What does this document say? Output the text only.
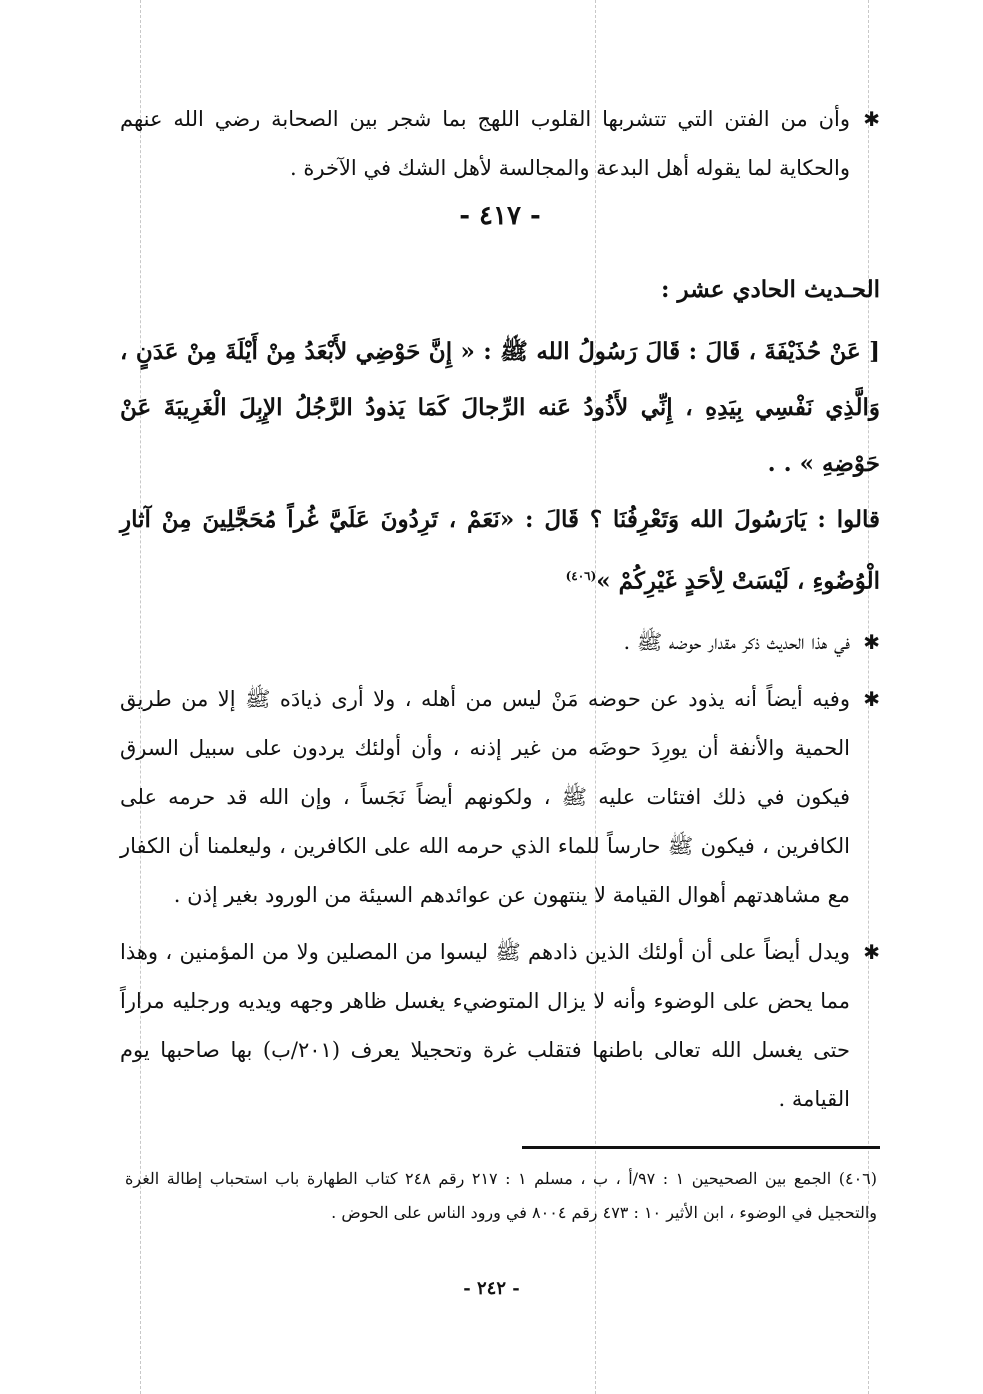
✱
وأن من الفتن التي تتشربها القلوب اللهج بما شجر بين الصحابة رضي الله عنهم والحكاية لما يقوله أهل البدعة والمجالسة لأهل الشك في الآخرة .

- ٤١٧ -

الحـديث الحادي عشر :

[ عَنْ حُذَيْفَةَ ، قَالَ : قَالَ رَسُولُ الله ﷺ : « إِنَّ حَوْضِي لأَبْعَدُ مِنْ أَيْلَةَ مِنْ عَدَنٍ ، وَالَّذِي نَفْسِي بِيَدِهِ ، إِنِّي لأَذُودُ عَنه الرِّجالَ كَمَا يَذودُ الرَّجُلُ الإِبِلَ الْغَرِيبَةَ عَنْ حَوْضِهِ » . .

قالوا : يَارَسُولَ الله وَتَعْرِفُنَا ؟ قَالَ : «نَعَمْ ، تَرِدُونَ عَلَيَّ غُراً مُحَجَّلِينَ مِنْ آثارِ الْوُضُوءِ ، لَيْسَتْ لِأحَدٍ غَيْرِكُمْ »$^{(٤٠٦)}$

✱
في هذا الحديث ذكر مقدار حوضه ﷺ .

✱
وفيه أيضاً أنه يذود عن حوضه مَنْ ليس من أهله ، ولا أرى ذيادَه ﷺ إلا من طريق الحمية والأنفة أن يورِدَ حوضَه من غير إذنه ، وأن أولئك يردون على سبيل السرق فيكون في ذلك افتئات عليه ﷺ ، ولكونهم أيضاً نَجَساً ، وإن الله قد حرمه على الكافرين ، فيكون ﷺ حارساً للماء الذي حرمه الله على الكافرين ، وليعلمنا أن الكفار مع مشاهدتهم أهوال القيامة لا ينتهون عن عوائدهم السيئة من الورود بغير إذن .

✱
ويدل أيضاً على أن أولئك الذين ذادهم ﷺ ليسوا من المصلين ولا من المؤمنين ، وهذا مما يحض على الوضوء وأنه لا يزال المتوضيء يغسل ظاهر وجهه ويديه ورجليه مراراً حتى يغسل الله تعالى باطنها فتقلب غرة وتحجيلا يعرف (٢٠١/ب) بها صاحبها يوم القيامة .

(٤٠٦) الجمع بين الصحيحين ١ : ٩٧/أ ، ب ، مسلم ١ : ٢١٧ رقم ٢٤٨ كتاب الطهارة باب استحباب إطالة الغرة والتحجيل في الوضوء ، ابن الأثير ١٠ : ٤٧٣ رقم ٨٠٠٤ في ورود الناس على الحوض .
- ٢٤٢ -
